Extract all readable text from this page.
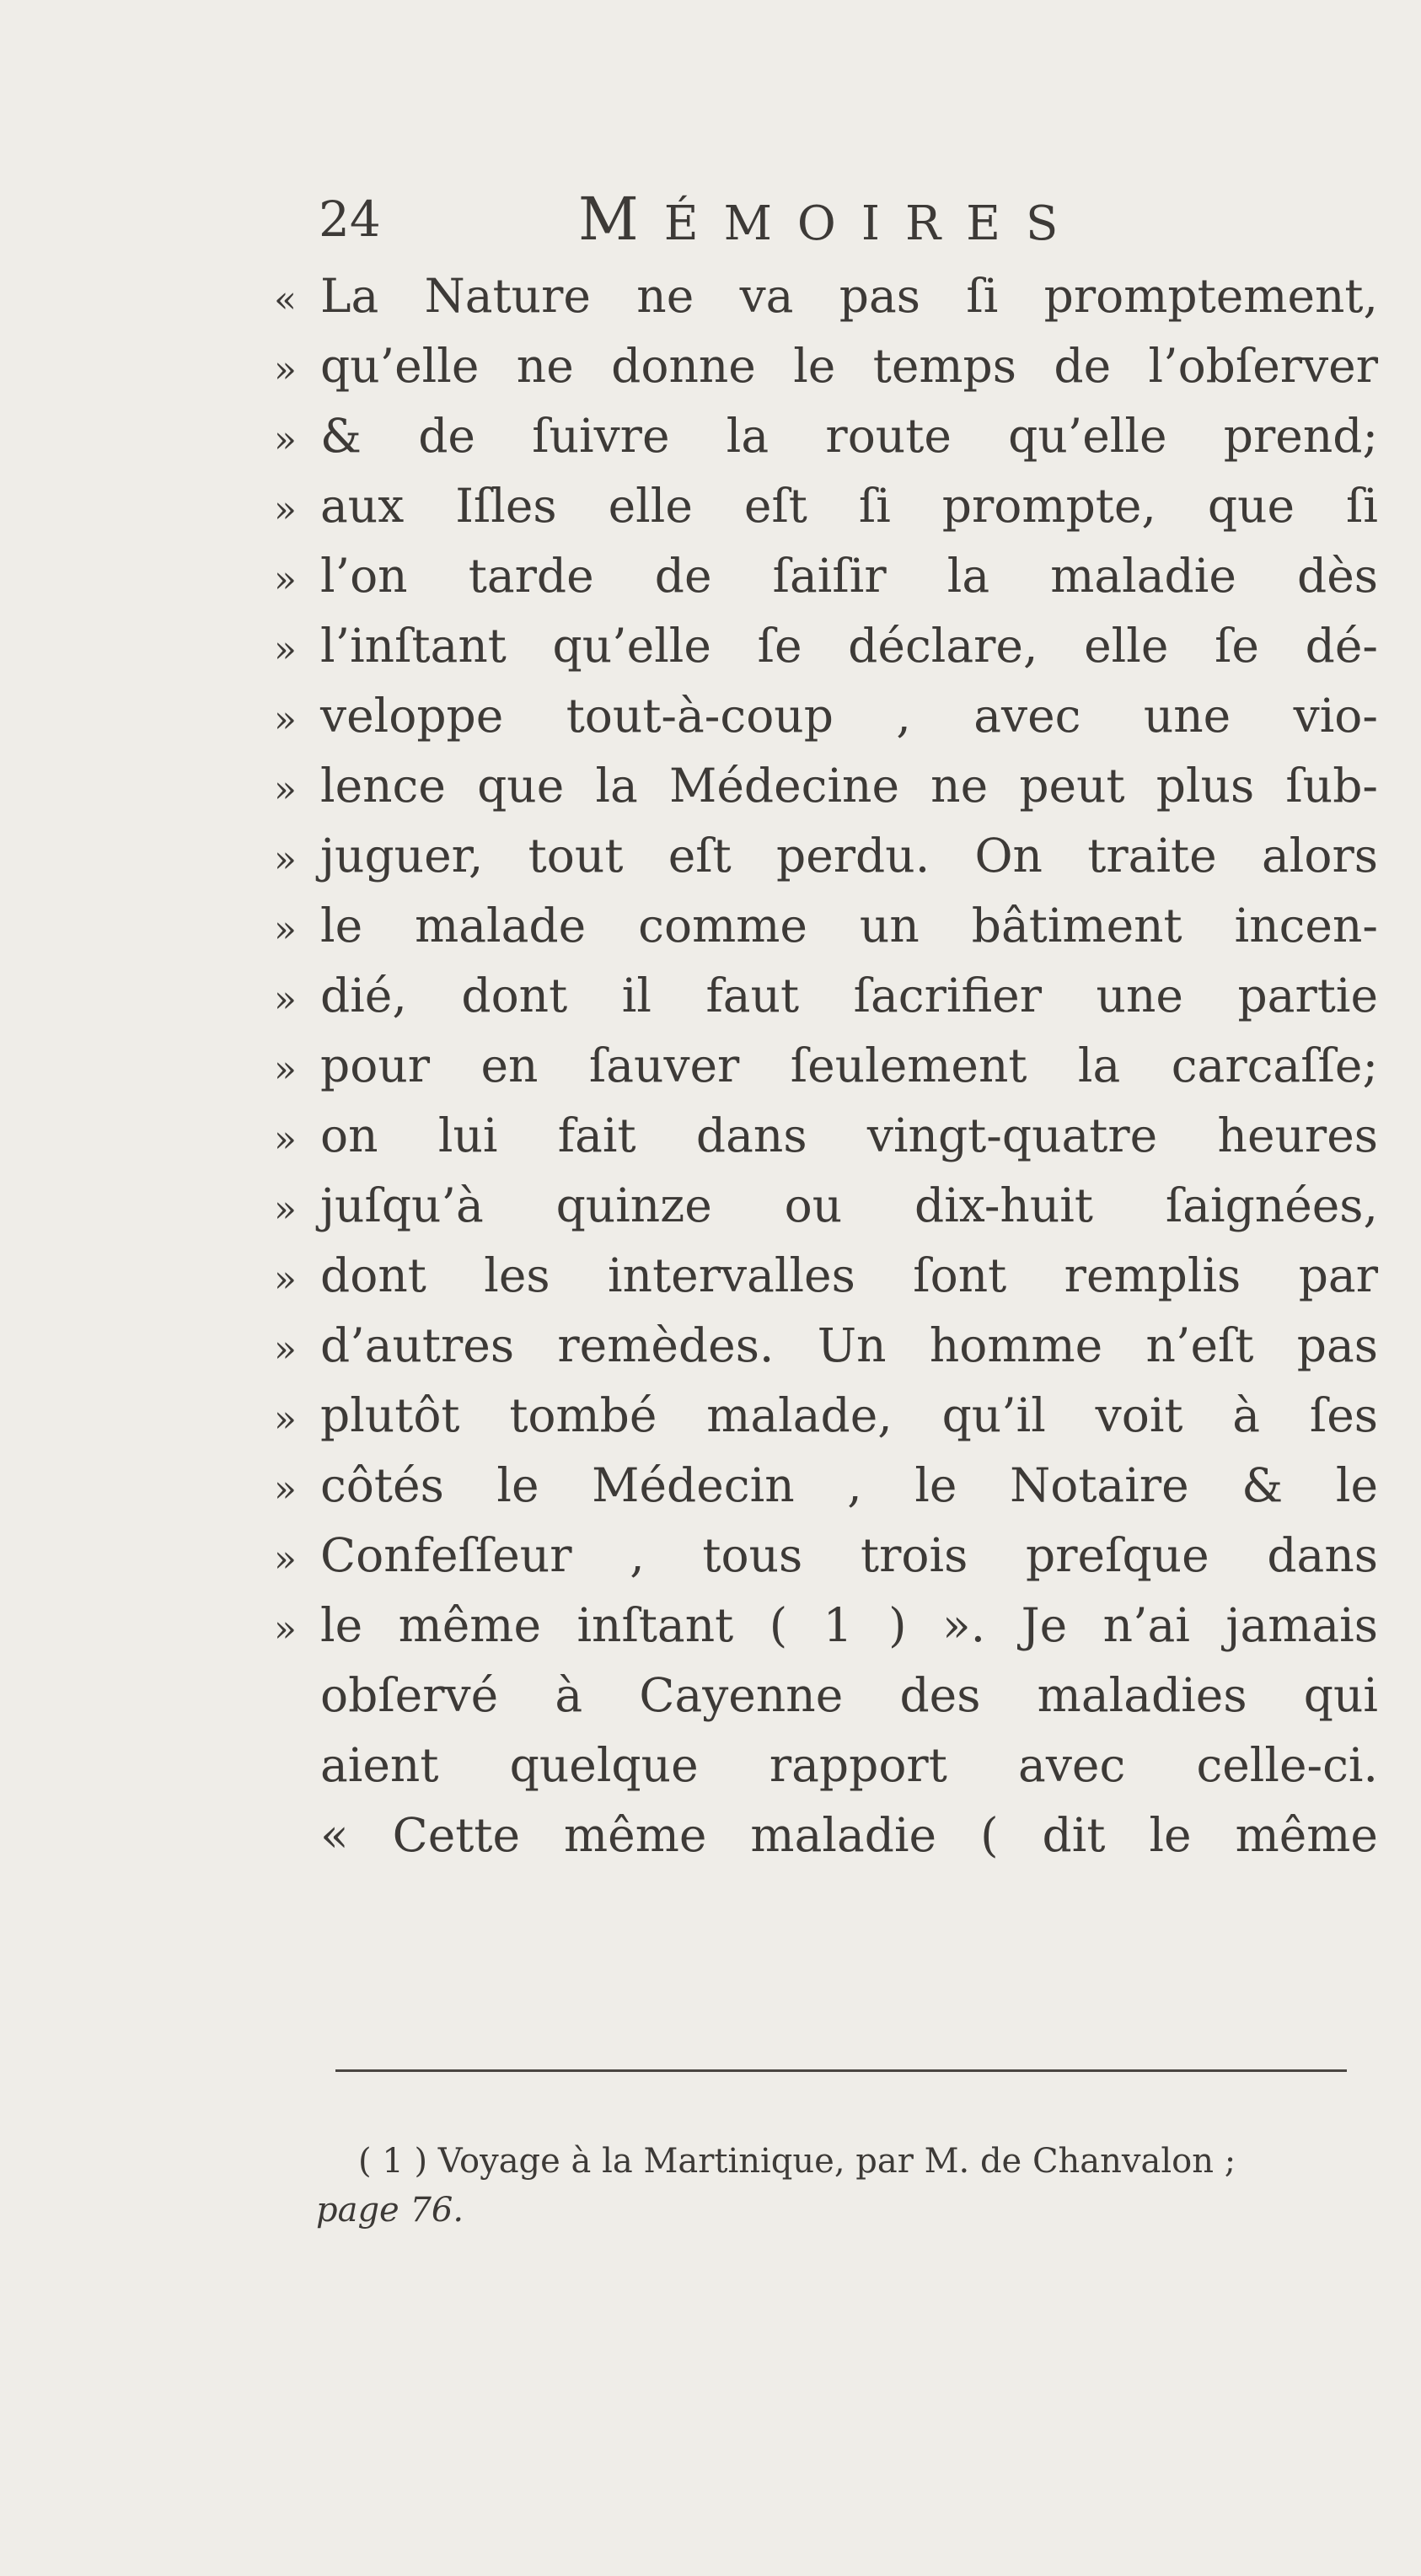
24	MÉMOIRES
« La Nature ne va pas ſi promptement,
» qu’elle ne donne le temps de l’obſerver
» & de ſuivre la route qu’elle prend;
» aux Iſles elle eſt ſi prompte, que ſi
» l’on tarde de ſaiſir la maladie dès
» l’inſtant qu’elle ſe déclare, elle ſe dé-
» veloppe tout-à-coup , avec une vio-
» lence que la Médecine ne peut plus ſub-
» juguer, tout eſt perdu. On traite alors
» le malade comme un bâtiment incen-
» dié, dont il faut ſacrifier une partie
» pour en ſauver ſeulement la carcaſſe;
» on lui fait dans vingt-quatre heures
» juſqu’à quinze ou dix-huit ſaignées,
» dont les intervalles ſont remplis par
» d’autres remèdes. Un homme n’eſt pas
» plutôt tombé malade, qu’il voit à ſes
» côtés le Médecin , le Notaire & le
» Confeſſeur , tous trois preſque dans
» le même inſtant ( 1 ) ». Je n’ai jamais
obſervé à Cayenne des maladies qui
aient quelque rapport avec celle-ci.
« Cette même maladie ( dit le même
( 1 ) Voyage à la Martinique, par M. de Chanvalon ;
page 76.
